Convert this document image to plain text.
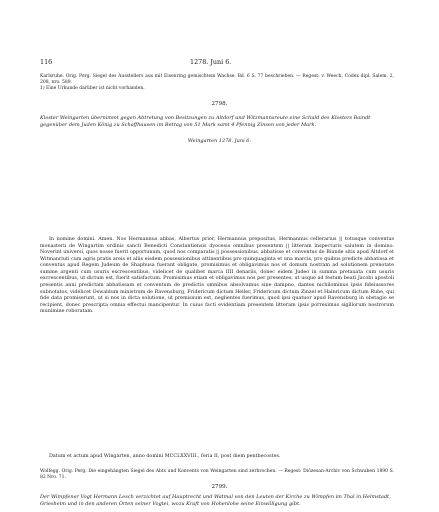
116	1278. Juni 6.

Karlsruhe. Orig. Perg. Siegel des Ausstellers aus mit Eisenring gemischtem Wachse. Bd. 6 S. 77 beschrieben. — Regest: v. Weech, Codex dipl. Salem. 2, 208, nro. 589.

1) Eine Urkunde darüber ist nicht vorhanden.

2798.

Kloster Weingarten übernimmt gegen Abtretung von Besitzungen zu Altdorf und Witzmannsreute eine Schuld des Klosters Baindt gegenüber dem Juden König zu Schaffhausen im Betrag von 51 Mark samt 4 Pfennig Zinsen von jeder Mark.

Weingarten 1278. Juni 6.

In nomine domini. Amen. Nos Hermannus abbas, Albertus prior, Hermannus prepositus, Hermannus cellerarius || totusque conventus monasterii de Wingartim ordinis sancti Benedicti Constantiensis dyocesis omnibus presentem || litteram inspecturis salutem in domino. Noverint universi, quos nosse fuerit opportunum, quod nos comparatis || possessionibus, abbatisse et conventus de Biunde sitis apud Altdorf et Witmanriuti cum agris pratis areis et aliis eisdem possessionibus attinentibus pro quinquaginta et una marcis, pro quibus predicte abbatissa et conventus apud Regem Judeum de Shaphusa fuerant obligate, promisimus et obligavimus nos et domum nostram ad solutionem prenotate summe argenti cum usuris excrescentibus, videlicet de qualibet marca IIII denariis, donec eidem Judeo in summa pretaxata cum usuris excrescentibus, ut dictum est, fuerit satisfactum. Promisimus etiam et obligavimus nos per presentes, ut usque ad festum beati Jacobi apostoli presentis anni predictam abbatissam et conventum de predictis omnibus absolvamus sine dampno, dantes nichilominus ipsis fideiussores subnotatos, videlicet Oswaldum ministrum de Ravensburg, Fridericum dictum Heller, Fridericum dictum Zinzel et Hainricum dictum Rube, qui fide data promiserunt, ut si nos in dicta solutione, ut premissum est, neglientes fuerimus, quod ipsi quatuor apud Ravensburg in obstagio se recipient, donec prescripta omnia effectui mancipentur. In cuius facti evidentiam presentem litteram ipsis porreximus sigillorum nostrorum munimine roboratam.

Datum et actum apud Wingarten, anno domini MCCLXXVIII., feria II, post diem penthecostes.

Wolfegg. Orig. Perg. Die eingehängten Siegel des Abts und Konvents von Weingarten sind zerbrochen. — Regest: Diözesan-Archiv von Schwaben 1890 S. 82 Nro. 71.

2799.

Der Wimpfener Vogt Hermann Lesch verzichtet auf Hauptrecht und Watmal von den Leuten der Kirche zu Wimpfen im Thal in Helmstadt, Grieshelm und in den anderen Orten seiner Vogtei, wozu Kraft von Hohenlohe seine Einwilligung gibt.
